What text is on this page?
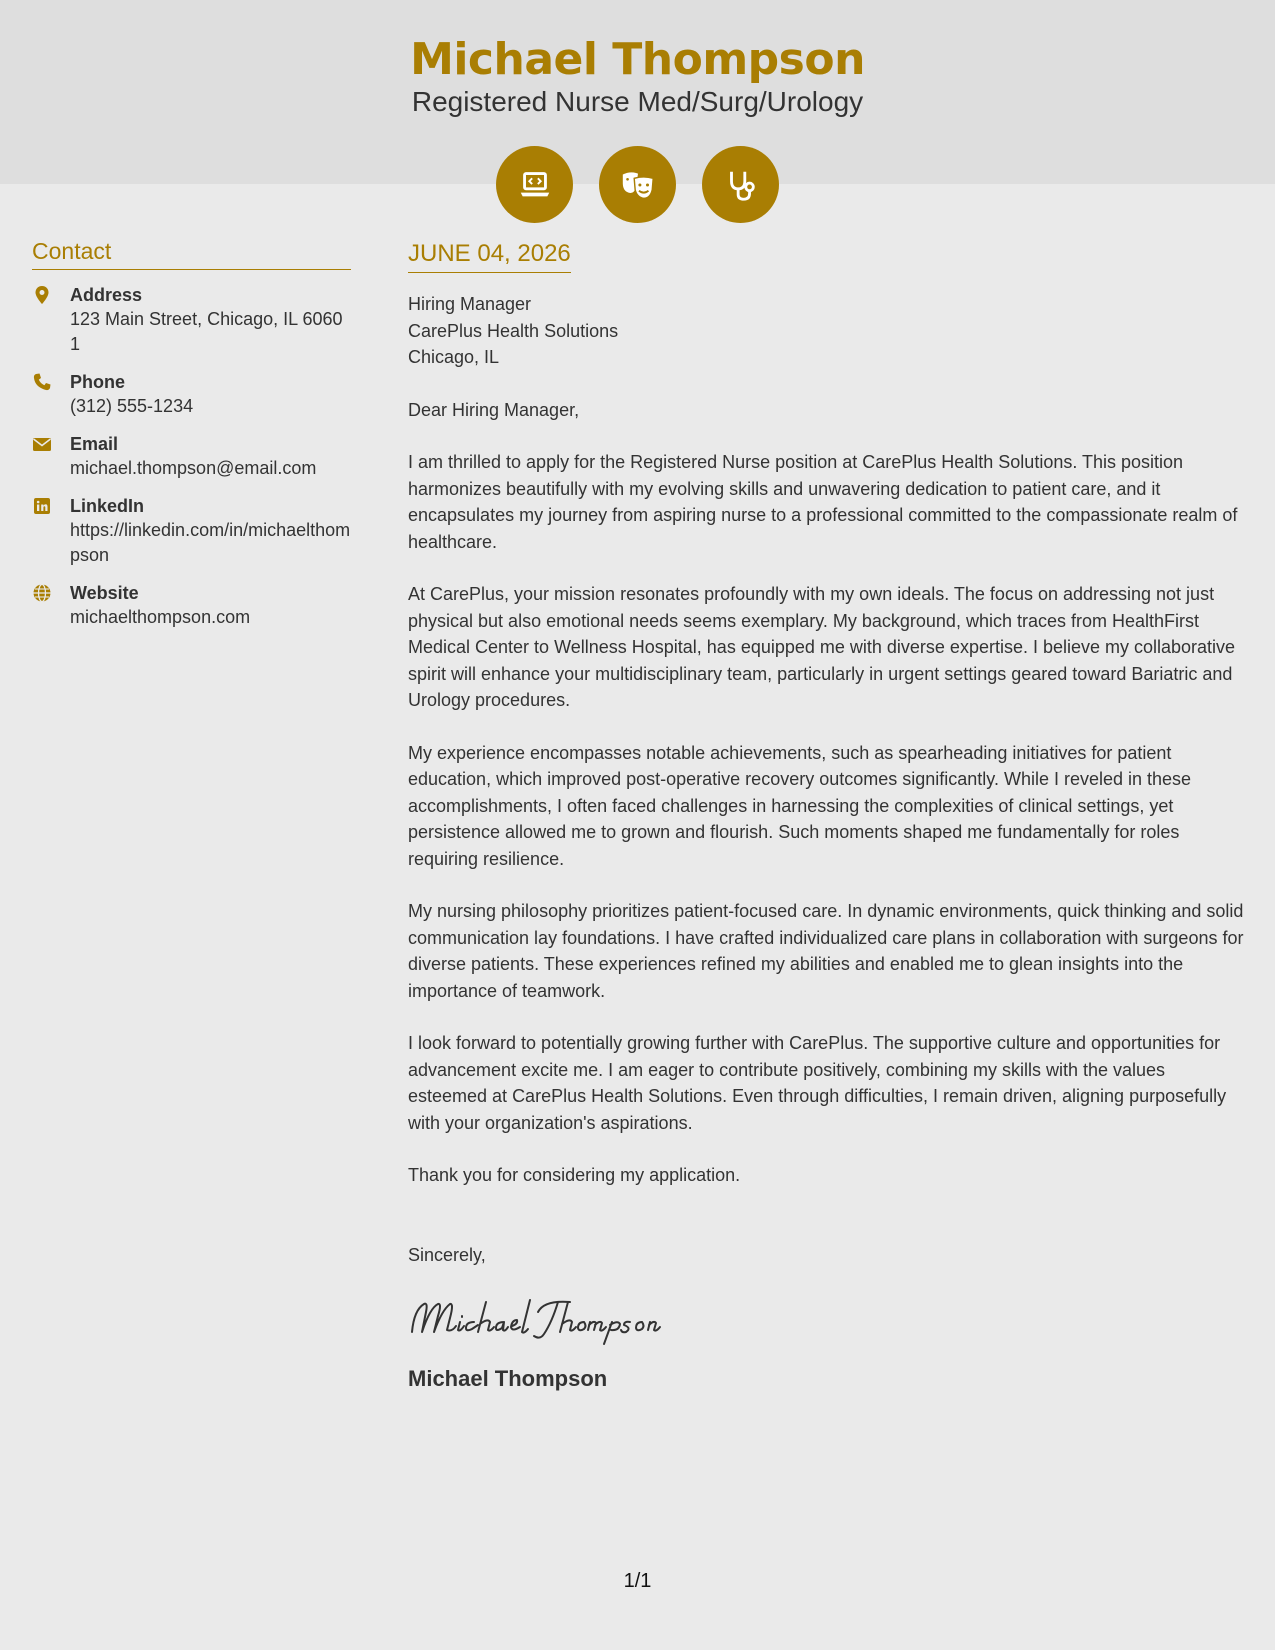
Michael Thompson
Registered Nurse Med/Surg/Urology
Contact
Address
123 Main Street, Chicago, IL 60601
Phone
(312) 555-1234
Email
michael.thompson@email.com
LinkedIn
https://linkedin.com/in/michaelthompson
Website
michaelthompson.com
JUNE 04, 2026
Hiring Manager
CarePlus Health Solutions
Chicago, IL
Dear Hiring Manager,
I am thrilled to apply for the Registered Nurse position at CarePlus Health Solutions. This position harmonizes beautifully with my evolving skills and unwavering dedication to patient care, and it encapsulates my journey from aspiring nurse to a professional committed to the compassionate realm of healthcare.
At CarePlus, your mission resonates profoundly with my own ideals. The focus on addressing not just physical but also emotional needs seems exemplary. My background, which traces from HealthFirst Medical Center to Wellness Hospital, has equipped me with diverse expertise. I believe my collaborative spirit will enhance your multidisciplinary team, particularly in urgent settings geared toward Bariatric and Urology procedures.
My experience encompasses notable achievements, such as spearheading initiatives for patient education, which improved post-operative recovery outcomes significantly. While I reveled in these accomplishments, I often faced challenges in harnessing the complexities of clinical settings, yet persistence allowed me to grown and flourish. Such moments shaped me fundamentally for roles requiring resilience.
My nursing philosophy prioritizes patient-focused care. In dynamic environments, quick thinking and solid communication lay foundations. I have crafted individualized care plans in collaboration with surgeons for diverse patients. These experiences refined my abilities and enabled me to glean insights into the importance of teamwork.
I look forward to potentially growing further with CarePlus. The supportive culture and opportunities for advancement excite me. I am eager to contribute positively, combining my skills with the values esteemed at CarePlus Health Solutions. Even through difficulties, I remain driven, aligning purposefully with your organization's aspirations.
Thank you for considering my application.
Sincerely,
Michael Thompson
1/1
